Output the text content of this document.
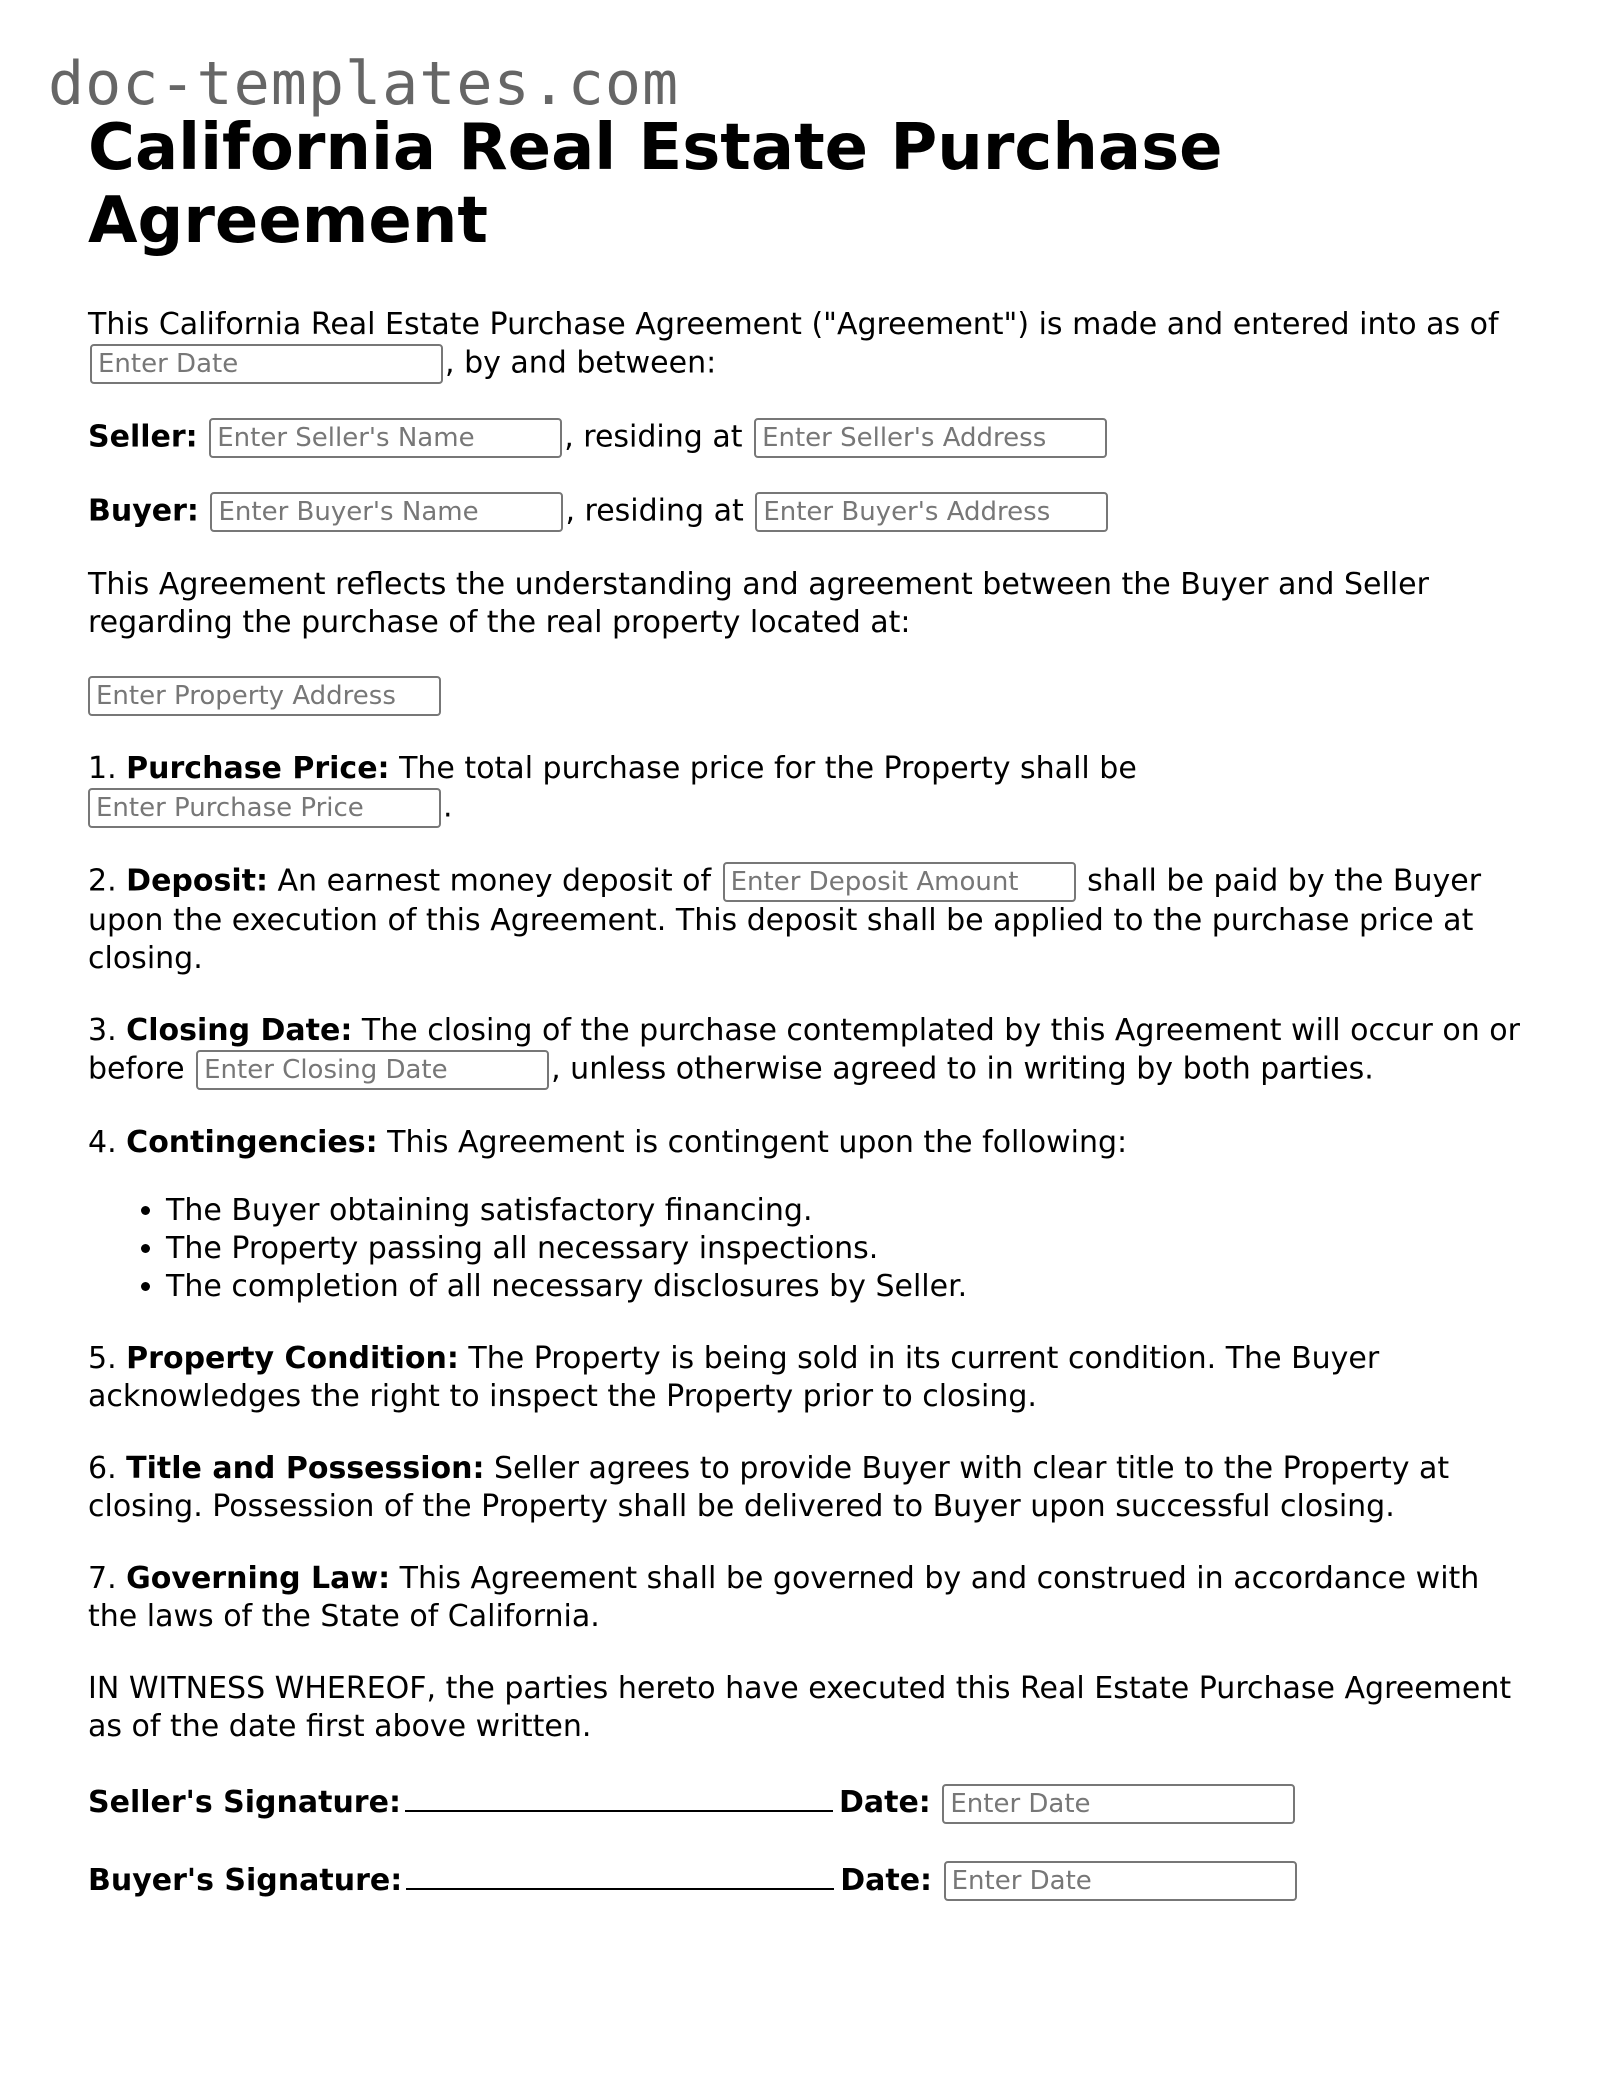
doc-templates.com
California Real Estate Purchase Agreement

This California Real Estate Purchase Agreement ("Agreement") is made and entered into as of Enter Date, by and between:

Seller: Enter Seller's Name	, residing at Enter Seller's Address

Buyer: Enter Buyer's Name	, residing at Enter Buyer's Address

This Agreement reflects the understanding and agreement between the Buyer and Seller regarding the purchase of the real property located at:

Enter Property Address

1. Purchase Price: The total purchase price for the Property shall be
Enter Purchase Price.

2. Deposit: An earnest money deposit of Enter Deposit Amount	shall be paid by the Buyer upon the execution of this Agreement. This deposit shall be applied to the purchase price at closing.

3. Closing Date: The closing of the purchase contemplated by this Agreement will occur on or before Enter Closing Date	, unless otherwise agreed to in writing by both parties.

4. Contingencies: This Agreement is contingent upon the following:

• The Buyer obtaining satisfactory financing.
• The Property passing all necessary inspections.
• The completion of all necessary disclosures by Seller.

5. Property Condition: The Property is being sold in its current condition. The Buyer acknowledges the right to inspect the Property prior to closing.

6. Title and Possession: Seller agrees to provide Buyer with clear title to the Property at closing. Possession of the Property shall be delivered to Buyer upon successful closing.

7. Governing Law: This Agreement shall be governed by and construed in accordance with the laws of the State of California.

IN WITNESS WHEREOF, the parties hereto have executed this Real Estate Purchase Agreement as of the date first above written.

Seller's Signature:	Date: Enter Date

Buyer's Signature:	Date: Enter Date
